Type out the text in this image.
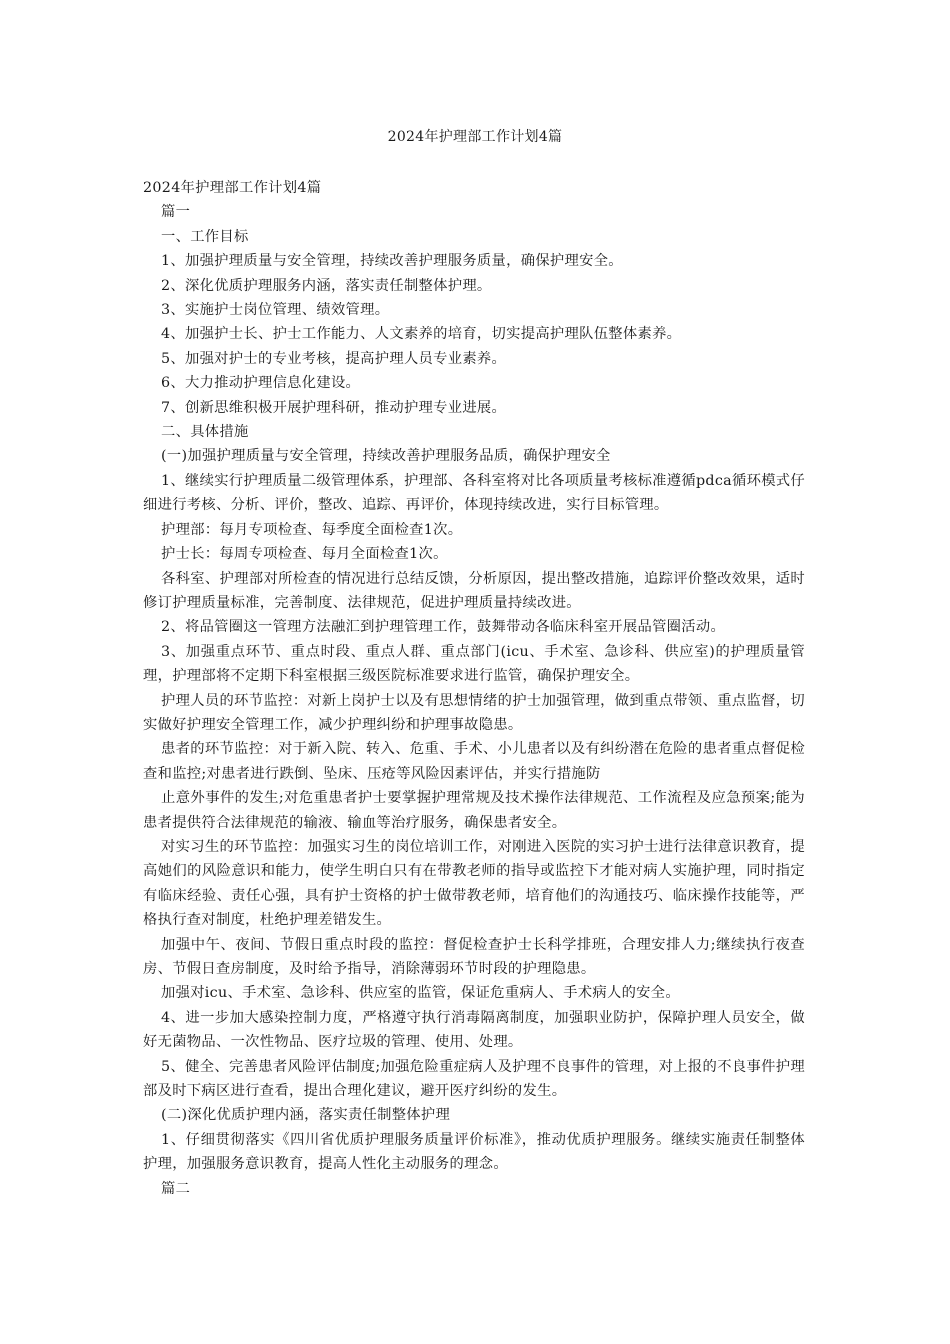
2024年护理部工作计划4篇

2024年护理部工作计划4篇

篇一

一、工作目标

1、加强护理质量与安全管理，持续改善护理服务质量，确保护理安全。

2、深化优质护理服务内涵，落实责任制整体护理。

3、实施护士岗位管理、绩效管理。

4、加强护士长、护士工作能力、人文素养的培育，切实提高护理队伍整体素养。

5、加强对护士的专业考核，提高护理人员专业素养。

6、大力推动护理信息化建设。

7、创新思维积极开展护理科研，推动护理专业进展。

二、具体措施

(一)加强护理质量与安全管理，持续改善护理服务品质，确保护理安全

1、继续实行护理质量二级管理体系，护理部、各科室将对比各项质量考核标准遵循pdca循环模式仔细进行考核、分析、评价，整改、追踪、再评价，体现持续改进，实行目标管理。

护理部：每月专项检查、每季度全面检查1次。

护士长：每周专项检查、每月全面检查1次。

各科室、护理部对所检查的情况进行总结反馈，分析原因，提出整改措施，追踪评价整改效果，适时修订护理质量标准，完善制度、法律规范，促进护理质量持续改进。

2、将品管圈这一管理方法融汇到护理管理工作，鼓舞带动各临床科室开展品管圈活动。

3、加强重点环节、重点时段、重点人群、重点部门(icu、手术室、急诊科、供应室)的护理质量管理，护理部将不定期下科室根据三级医院标准要求进行监管，确保护理安全。

护理人员的环节监控：对新上岗护士以及有思想情绪的护士加强管理，做到重点带领、重点监督，切实做好护理安全管理工作，减少护理纠纷和护理事故隐患。

患者的环节监控：对于新入院、转入、危重、手术、小儿患者以及有纠纷潜在危险的患者重点督促检查和监控;对患者进行跌倒、坠床、压疮等风险因素评估，并实行措施防

止意外事件的发生;对危重患者护士要掌握护理常规及技术操作法律规范、工作流程及应急预案;能为患者提供符合法律规范的输液、输血等治疗服务，确保患者安全。

对实习生的环节监控：加强实习生的岗位培训工作，对刚进入医院的实习护士进行法律意识教育，提高她们的风险意识和能力，使学生明白只有在带教老师的指导或监控下才能对病人实施护理，同时指定有临床经验、责任心强，具有护士资格的护士做带教老师，培育他们的沟通技巧、临床操作技能等，严格执行查对制度，杜绝护理差错发生。

加强中午、夜间、节假日重点时段的监控：督促检查护士长科学排班，合理安排人力;继续执行夜查房、节假日查房制度，及时给予指导，消除薄弱环节时段的护理隐患。

加强对icu、手术室、急诊科、供应室的监管，保证危重病人、手术病人的安全。

4、进一步加大感染控制力度，严格遵守执行消毒隔离制度，加强职业防护，保障护理人员安全，做好无菌物品、一次性物品、医疗垃圾的管理、使用、处理。

5、健全、完善患者风险评估制度;加强危险重症病人及护理不良事件的管理，对上报的不良事件护理部及时下病区进行查看，提出合理化建议，避开医疗纠纷的发生。

(二)深化优质护理内涵，落实责任制整体护理

1、仔细贯彻落实《四川省优质护理服务质量评价标准》，推动优质护理服务。继续实施责任制整体护理，加强服务意识教育，提高人性化主动服务的理念。

篇二
